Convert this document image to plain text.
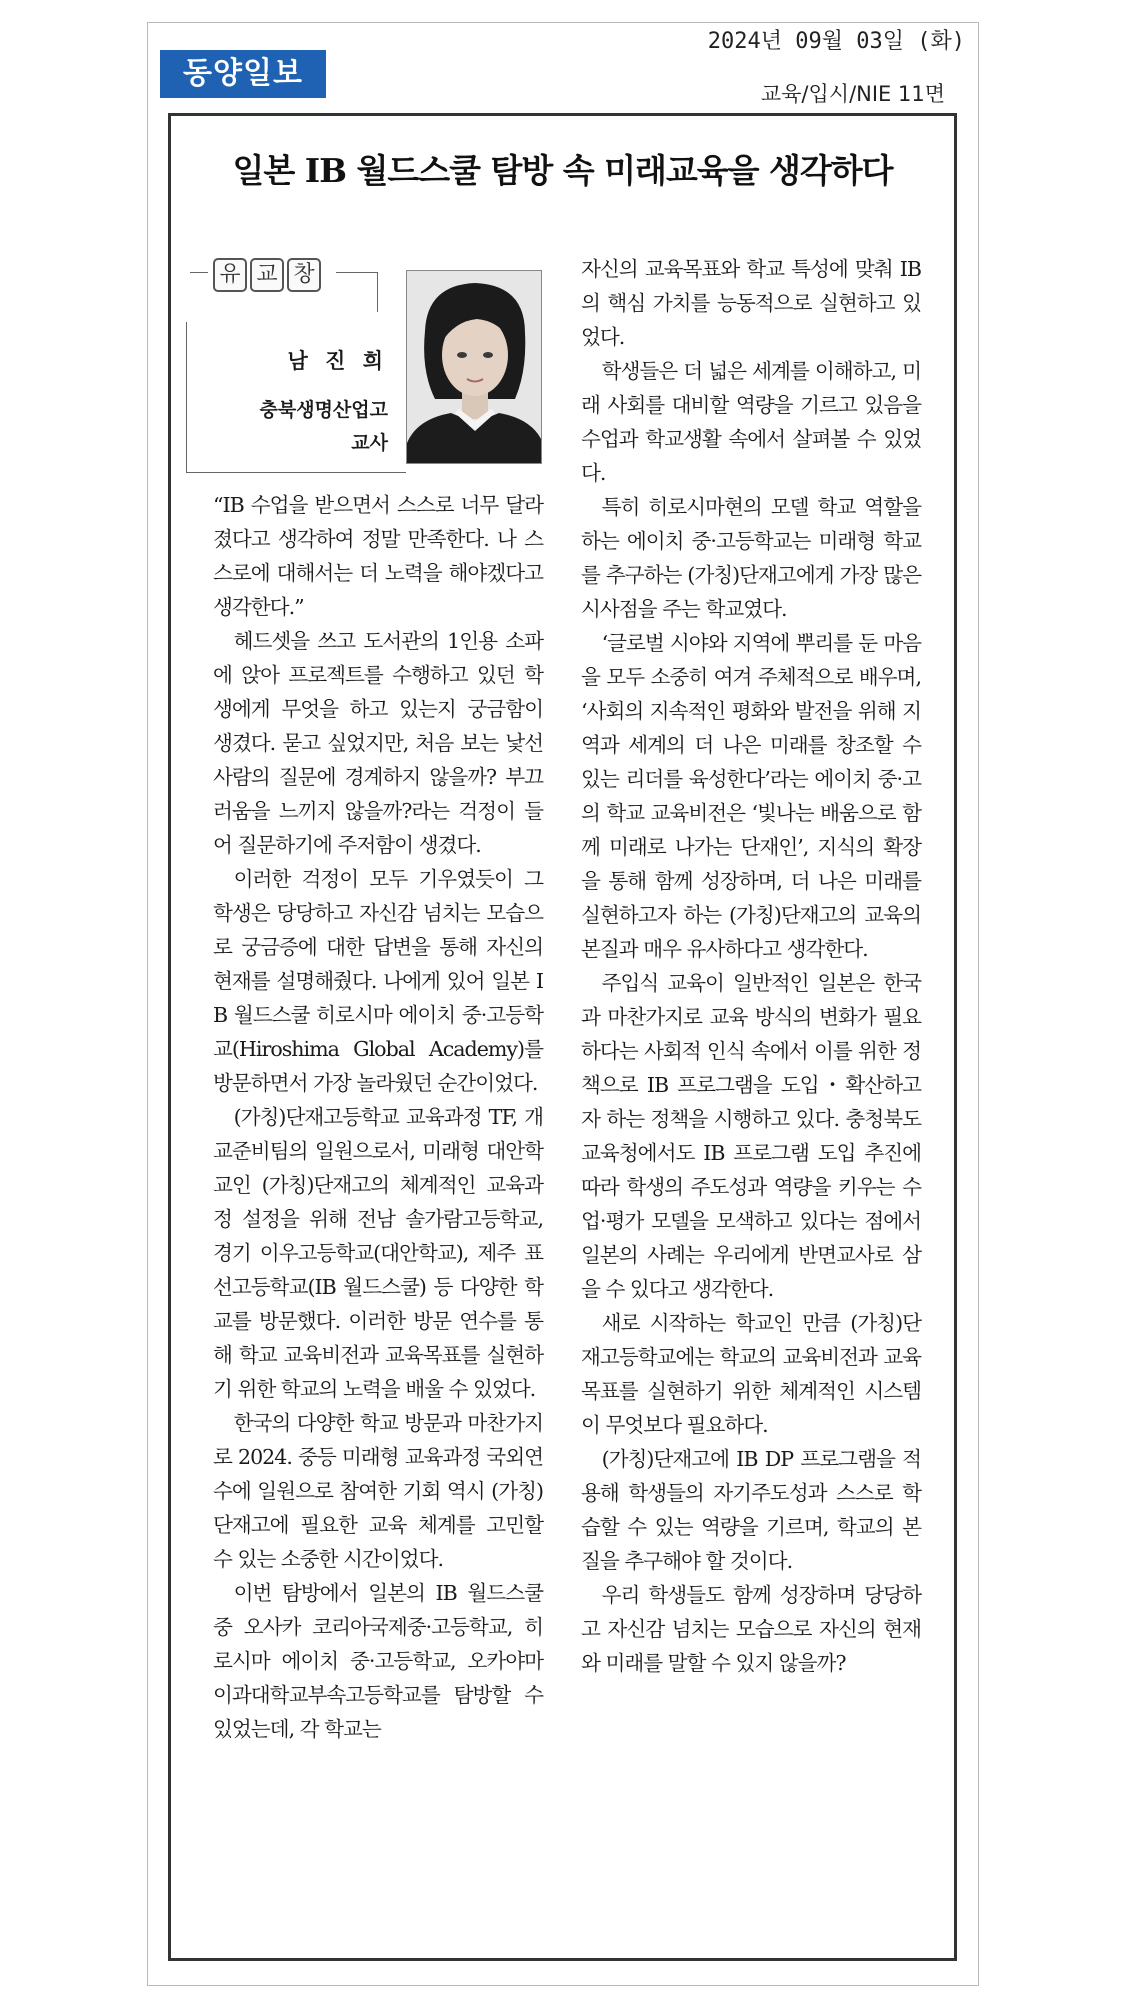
동양일보
2024년 09월 03일 (화)
교육/입시/NIE 11면
일본 IB 월드스쿨 탐방 속 미래교육을 생각하다
유 교 창
남 진 희
충북생명산업고
교사

“IB 수업을 받으면서 스스로 너무 달라졌다고 생각하여 정말 만족한다. 나 스스로에 대해서는 더 노력을 해야겠다고 생각한다.”

헤드셋을 쓰고 도서관의 1인용 소파에 앉아 프로젝트를 수행하고 있던 학생에게 무엇을 하고 있는지 궁금함이 생겼다. 묻고 싶었지만, 처음 보는 낯선 사람의 질문에 경계하지 않을까? 부끄러움을 느끼지 않을까?라는 걱정이 들어 질문하기에 주저함이 생겼다.

이러한 걱정이 모두 기우였듯이 그 학생은 당당하고 자신감 넘치는 모습으로 궁금증에 대한 답변을 통해 자신의 현재를 설명해줬다. 나에게 있어 일본 IB 월드스쿨 히로시마 에이치 중·고등학교(Hiroshima Global Academy)를 방문하면서 가장 놀라웠던 순간이었다.

(가칭)단재고등학교 교육과정 TF, 개교준비팀의 일원으로서, 미래형 대안학교인 (가칭)단재고의 체계적인 교육과정 설정을 위해 전남 솔가람고등학교, 경기 이우고등학교(대안학교), 제주 표선고등학교(IB 월드스쿨) 등 다양한 학교를 방문했다. 이러한 방문 연수를 통해 학교 교육비전과 교육목표를 실현하기 위한 학교의 노력을 배울 수 있었다.

한국의 다양한 학교 방문과 마찬가지로 2024. 중등 미래형 교육과정 국외연수에 일원으로 참여한 기회 역시 (가칭)단재고에 필요한 교육 체계를 고민할 수 있는 소중한 시간이었다.

이번 탐방에서 일본의 IB 월드스쿨 중 오사카 코리아국제중·고등학교, 히로시마 에이치 중·고등학교, 오카야마이과대학교부속고등학교를 탐방할 수 있었는데, 각 학교는

자신의 교육목표와 학교 특성에 맞춰 IB의 핵심 가치를 능동적으로 실현하고 있었다.

학생들은 더 넓은 세계를 이해하고, 미래 사회를 대비할 역량을 기르고 있음을 수업과 학교생활 속에서 살펴볼 수 있었다.

특히 히로시마현의 모델 학교 역할을 하는 에이치 중·고등학교는 미래형 학교를 추구하는 (가칭)단재고에게 가장 많은 시사점을 주는 학교였다.

‘글로벌 시야와 지역에 뿌리를 둔 마음을 모두 소중히 여겨 주체적으로 배우며, ‘사회의 지속적인 평화와 발전을 위해 지역과 세계의 더 나은 미래를 창조할 수 있는 리더를 육성한다’라는 에이치 중·고의 학교 교육비전은 ‘빛나는 배움으로 함께 미래로 나가는 단재인’, 지식의 확장을 통해 함께 성장하며, 더 나은 미래를 실현하고자 하는 (가칭)단재고의 교육의 본질과 매우 유사하다고 생각한다.

주입식 교육이 일반적인 일본은 한국과 마찬가지로 교육 방식의 변화가 필요하다는 사회적 인식 속에서 이를 위한 정책으로 IB 프로그램을 도입・확산하고자 하는 정책을 시행하고 있다. 충청북도교육청에서도 IB 프로그램 도입 추진에 따라 학생의 주도성과 역량을 키우는 수업·평가 모델을 모색하고 있다는 점에서 일본의 사례는 우리에게 반면교사로 삼을 수 있다고 생각한다.

새로 시작하는 학교인 만큼 (가칭)단재고등학교에는 학교의 교육비전과 교육목표를 실현하기 위한 체계적인 시스템이 무엇보다 필요하다.

(가칭)단재고에 IB DP 프로그램을 적용해 학생들의 자기주도성과 스스로 학습할 수 있는 역량을 기르며, 학교의 본질을 추구해야 할 것이다.

우리 학생들도 함께 성장하며 당당하고 자신감 넘치는 모습으로 자신의 현재와 미래를 말할 수 있지 않을까?
